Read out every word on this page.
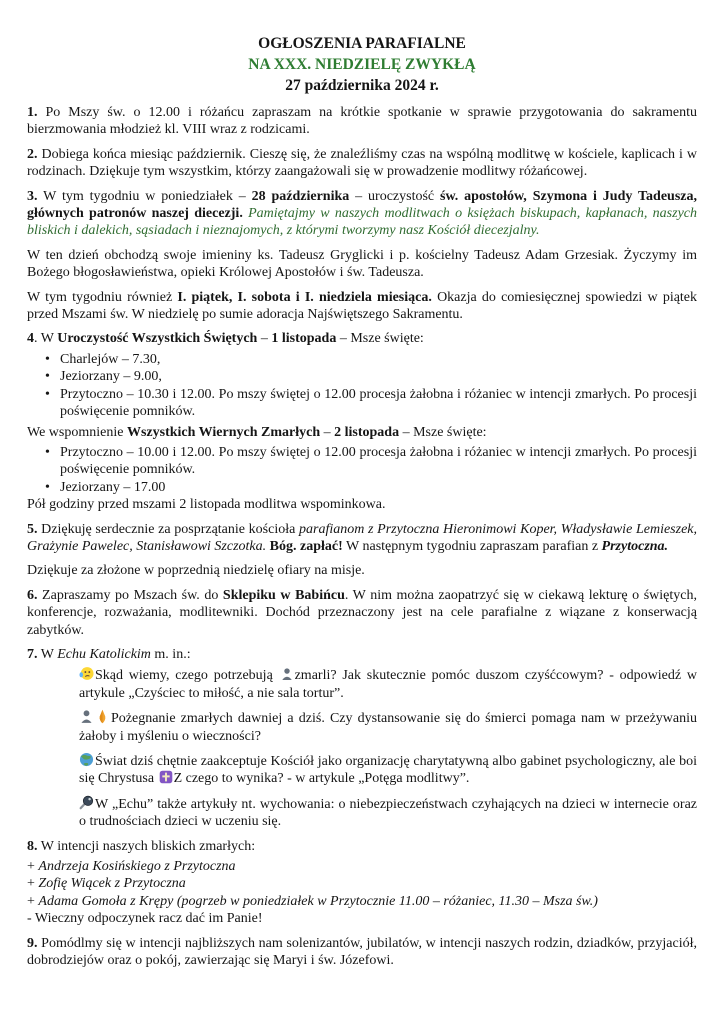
OGŁOSZENIA PARAFIALNE
NA XXX. NIEDZIELĘ ZWYKŁĄ
27 października 2024 r.

1. Po Mszy św. o 12.00 i różańcu zapraszam na krótkie spotkanie w sprawie przygotowania do sakramentu bierzmowania młodzież kl. VIII wraz z rodzicami.

2. Dobiega końca miesiąc październik. Cieszę się, że znaleźliśmy czas na wspólną modlitwę w kościele, kaplicach i w rodzinach. Dziękuje tym wszystkim, którzy zaangażowali się w prowadzenie modlitwy różańcowej.

3. W tym tygodniu w poniedziałek – 28 października – uroczystość św. apostołów, Szymona i Judy Tadeusza, głównych patronów naszej diecezji. Pamiętajmy w naszych modlitwach o księżach biskupach, kapłanach, naszych bliskich i dalekich, sąsiadach i nieznajomych, z którymi tworzymy nasz Kościół diecezjalny.

W ten dzień obchodzą swoje imieniny ks. Tadeusz Gryglicki i p. kościelny Tadeusz Adam Grzesiak. Życzymy im Bożego błogosławieństwa, opieki Królowej Apostołów i św. Tadeusza.

W tym tygodniu również I. piątek, I. sobota i I. niedziela miesiąca. Okazja do comiesięcznej spowiedzi w piątek przed Mszami św. W niedzielę po sumie adoracja Najświętszego Sakramentu.

4. W Uroczystość Wszystkich Świętych – 1 listopada – Msze święte:

• Charlejów – 7.30,
• Jeziorzany – 9.00,
• Przytoczno – 10.30 i 12.00. Po mszy świętej o 12.00 procesja żałobna i różaniec w intencji zmarłych. Po procesji poświęcenie pomników.

We wspomnienie Wszystkich Wiernych Zmarłych – 2 listopada – Msze święte:

• Przytoczno – 10.00 i 12.00. Po mszy świętej o 12.00 procesja żałobna i różaniec w intencji zmarłych. Po procesji poświęcenie pomników.
• Jeziorzany – 17.00

Pół godziny przed mszami 2 listopada modlitwa wspominkowa.

5. Dziękuję serdecznie za posprzątanie kościoła parafianom z Przytoczna Hieronimowi Koper, Władysławie Lemieszek, Grażynie Pawelec, Stanisławowi Szczotka. Bóg. zapłać! W następnym tygodniu zapraszam parafian z Przytoczna.

Dziękuje za złożone w poprzednią niedzielę ofiary na misje.

6. Zapraszamy po Mszach św. do Sklepiku w Babińcu. W nim można zaopatrzyć się w ciekawą lekturę o świętych, konferencje, rozważania, modlitewniki. Dochód przeznaczony jest na cele parafialne z wiązane z konserwacją zabytków.

7. W Echu Katolickim m. in.:

Skąd wiemy, czego potrzebują zmarli? Jak skutecznie pomóc duszom czyśćcowym? - odpowiedź w artykule „Czyściec to miłość, a nie sala tortur”.

Pożegnanie zmarłych dawniej a dziś. Czy dystansowanie się do śmierci pomaga nam w przeżywaniu żałoby i myśleniu o wieczności?

Świat dziś chętnie zaakceptuje Kościół jako organizację charytatywną albo gabinet psychologiczny, ale boi się Chrystusa Z czego to wynika? - w artykule „Potęga modlitwy”.

W „Echu” także artykuły nt. wychowania: o niebezpieczeństwach czyhających na dzieci w internecie oraz o trudnościach dzieci w uczeniu się.

8. W intencji naszych bliskich zmarłych:

+ Andrzeja Kosińskiego z Przytoczna

+ Zofię Wiącek z Przytoczna

+ Adama Gomoła z Krępy (pogrzeb w poniedziałek w Przytocznie 11.00 – różaniec, 11.30 – Msza św.)

- Wieczny odpoczynek racz dać im Panie!

9. Pomódlmy się w intencji najbliższych nam solenizantów, jubilatów, w intencji naszych rodzin, dziadków, przyjaciół, dobrodziejów oraz o pokój, zawierzając się Maryi i św. Józefowi.
